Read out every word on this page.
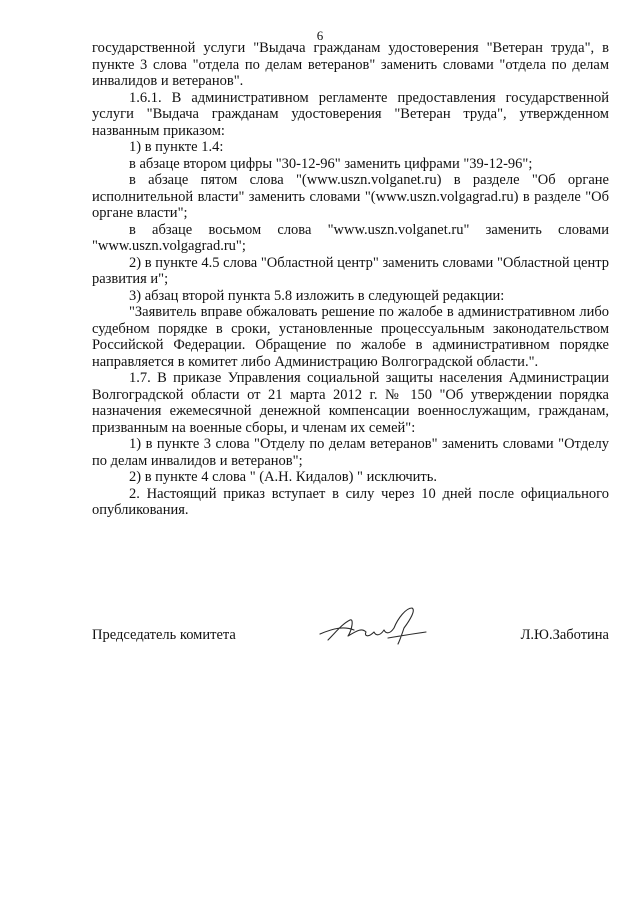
6

государственной услуги "Выдача гражданам удостоверения "Ветеран труда", в пункте 3 слова "отдела по делам ветеранов" заменить словами "отдела по делам инвалидов и ветеранов".

1.6.1. В административном регламенте предоставления государственной услуги "Выдача гражданам удостоверения "Ветеран труда", утвержденном названным приказом:

1) в пункте 1.4:

в абзаце втором цифры "30-12-96" заменить цифрами "39-12-96";

в абзаце пятом слова "(www.uszn.volganet.ru) в разделе "Об органе исполнительной власти" заменить словами "(www.uszn.volgagrad.ru) в разделе "Об органе власти";

в абзаце восьмом слова "www.uszn.volganet.ru" заменить словами "www.uszn.volgagrad.ru";

2) в пункте 4.5 слова "Областной центр" заменить словами "Областной центр развития и";

3) абзац второй пункта 5.8 изложить в следующей редакции:

"Заявитель вправе обжаловать решение по жалобе в административном либо судебном порядке в сроки, установленные процессуальным законодательством Российской Федерации. Обращение по жалобе в административном порядке направляется в комитет либо Администрацию Волгоградской области.".

1.7. В приказе Управления социальной защиты населения Администрации Волгоградской области от 21 марта 2012 г. № 150 "Об утверждении порядка назначения ежемесячной денежной компенсации военнослужащим, гражданам, призванным на военные сборы, и членам их семей":

1) в пункте 3 слова "Отделу по делам ветеранов" заменить словами "Отделу по делам инвалидов и ветеранов";

2) в пункте 4 слова " (А.Н. Кидалов) " исключить.

2. Настоящий приказ вступает в силу через 10 дней после официального опубликования.

Председатель комитета	Л.Ю.Заботина
